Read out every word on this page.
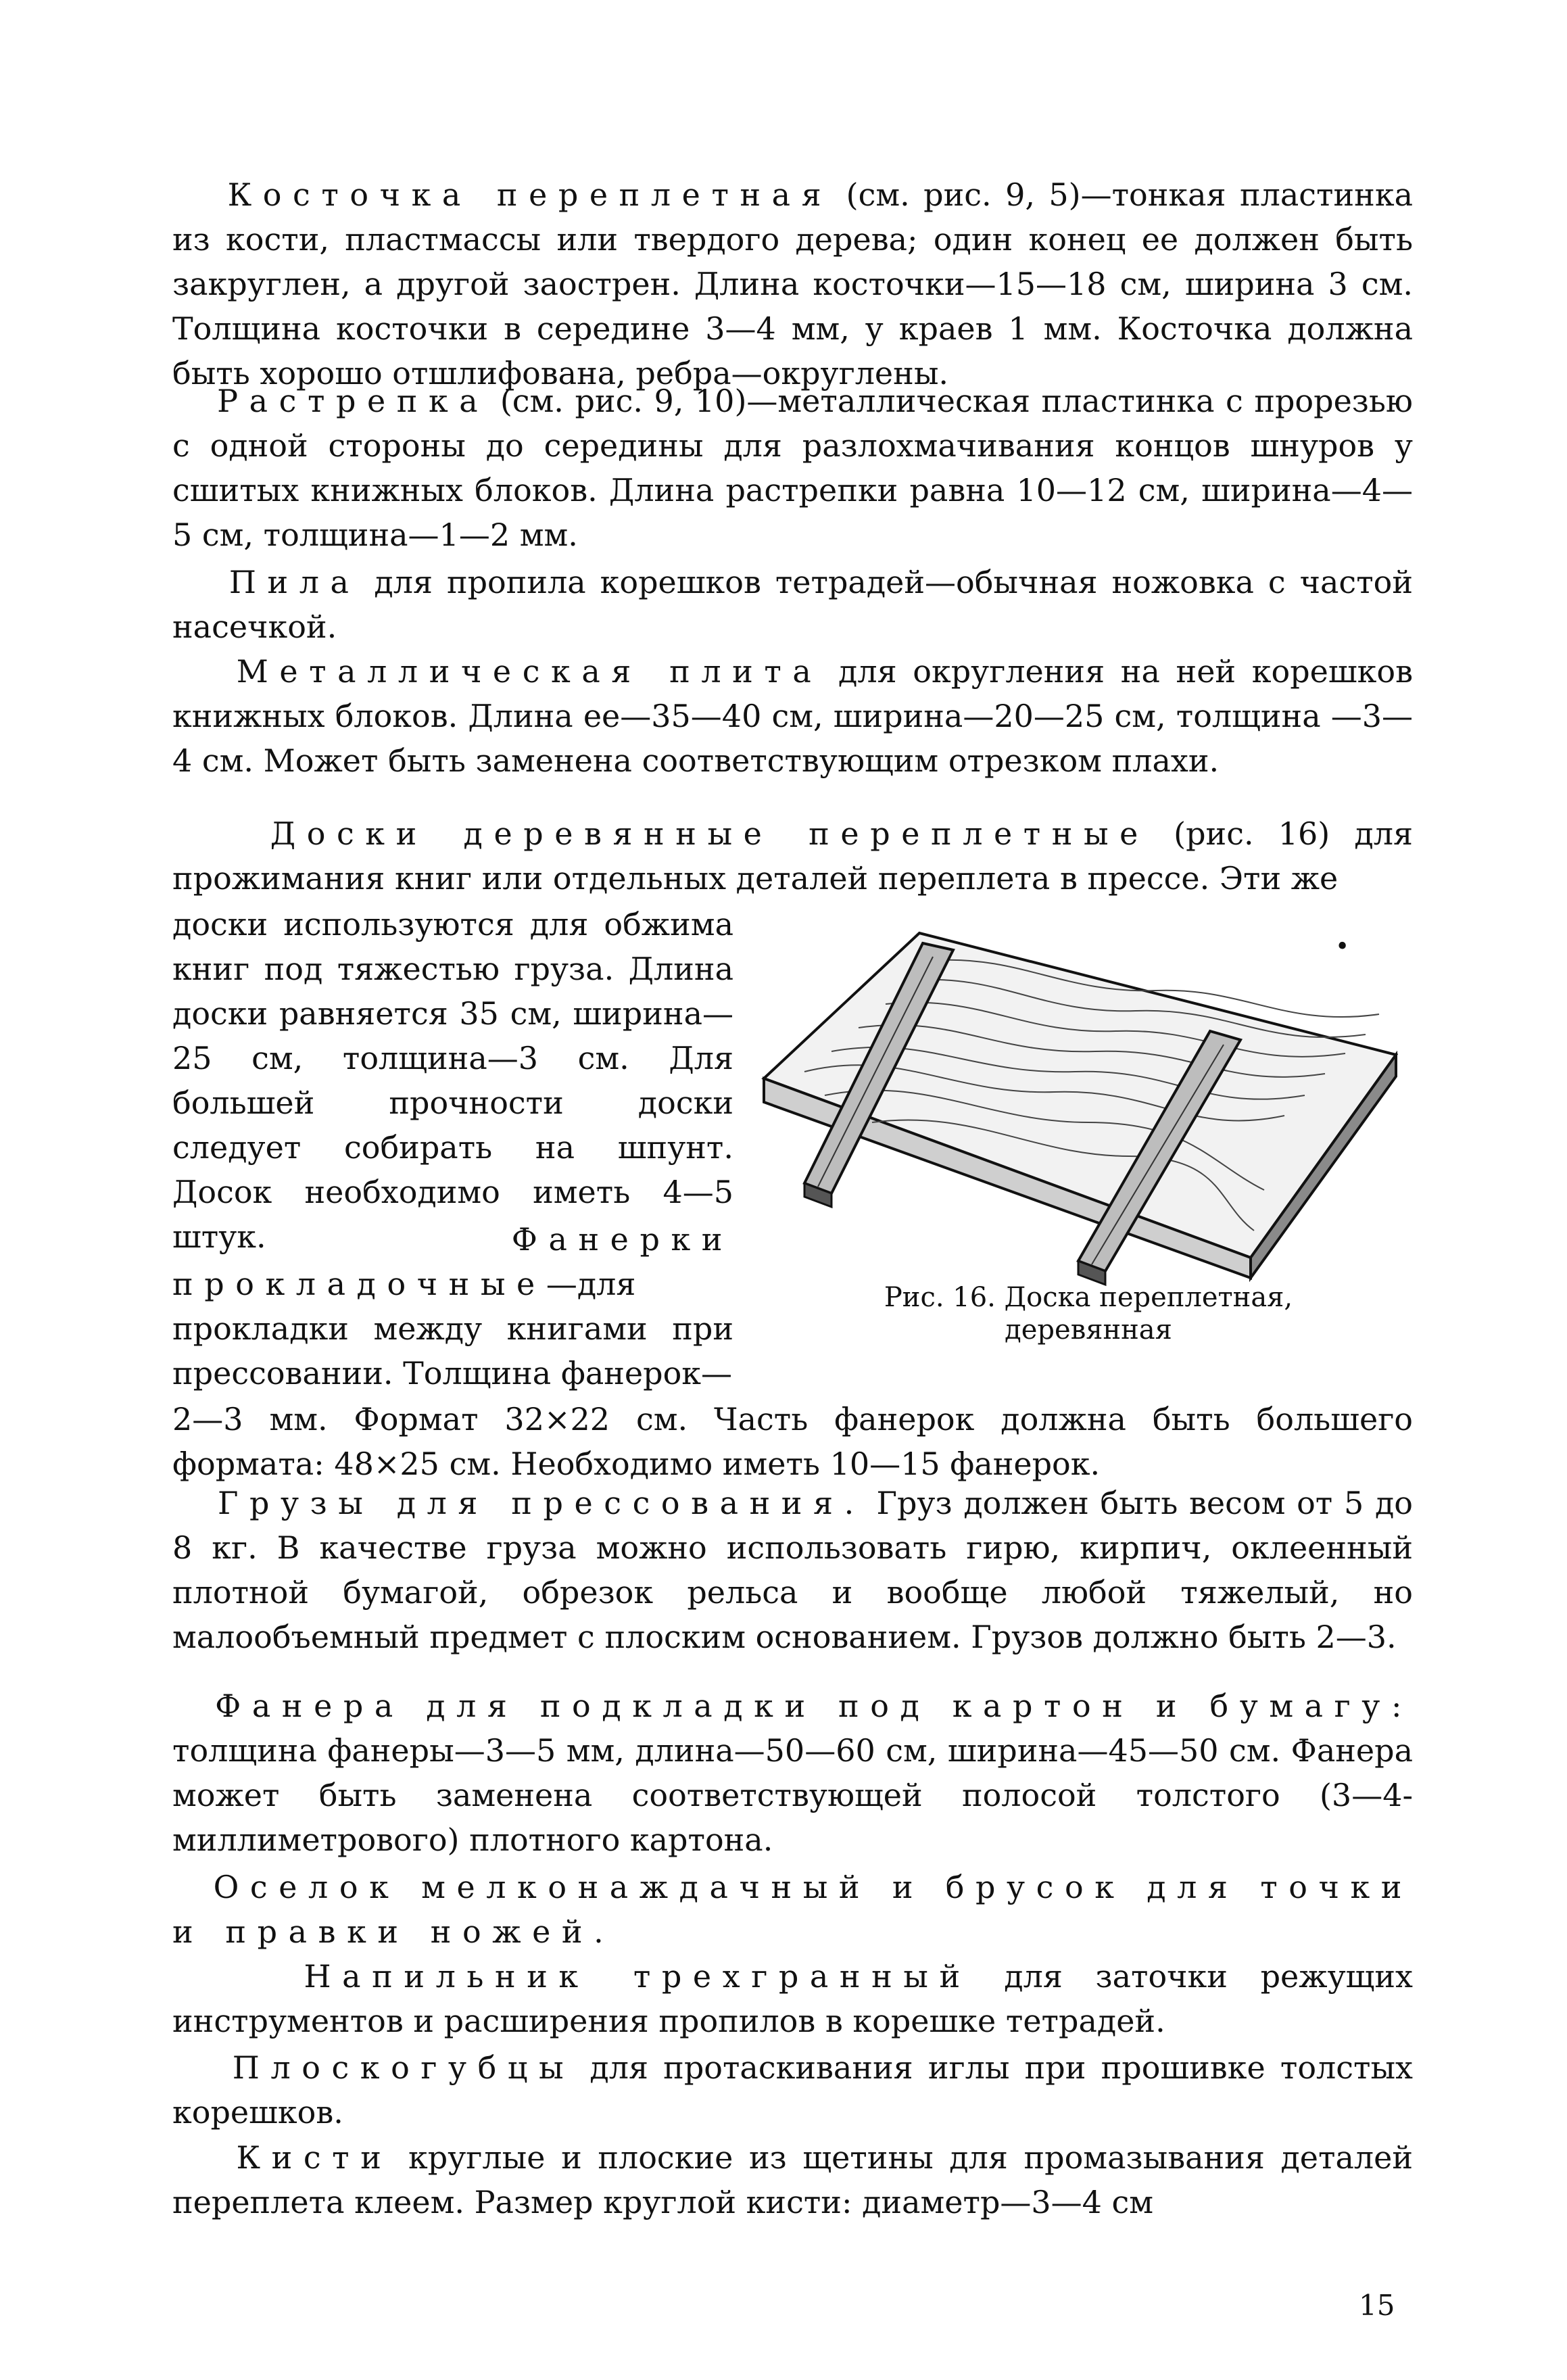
Косточка переплетная (см. рис. 9, 5)—тонкая пластинка из кости, пластмассы или твердого дерева; один конец ее должен быть закруглен, а другой заострен. Длина косточки—15—18 см, ширина 3 см. Толщина косточки в середине 3—4 мм, у краев 1 мм. Косточка должна быть хорошо отшлифована, ребра—округлены.

Растрепка (см. рис. 9, 10)—металлическая пластинка с прорезью с одной стороны до середины для разлохмачивания концов шнуров у сшитых книжных блоков. Длина растрепки равна 10—12 см, ширина—4—5 см, толщина—1—2 мм.

Пила для пропила корешков тетрадей—обычная ножовка с частой насечкой.

Металлическая плита для округления на ней корешков книжных блоков. Длина ее—35—40 см, ширина—20—25 см, толщина —3—4 см. Может быть заменена соответствующим отрезком плахи.

Доски деревянные переплетные (рис. 16) для прожимания книг или отдельных деталей переплета в прессе. Эти же

доски используются для обжима книг под тяжестью груза. Длина доски равняется 35 см, ширина—25 см, толщина—3 см. Для большей прочности доски следует собирать на шпунт. Досок необходимо иметь 4—5 штук.	Фанерки прокладочные—для прокладки между книгами при прессовании. Толщина фанерок—

2—3 мм. Формат 32×22 см. Часть фанерок должна быть большего формата: 48×25 см. Необходимо иметь 10—15 фанерок.

Грузы для прессования. Груз должен быть весом от 5 до 8 кг. В качестве груза можно использовать гирю, кирпич, оклеенный плотной бумагой, обрезок рельса и вообще любой тяжелый, но малообъемный предмет с плоским основанием. Грузов должно быть 2—3.

Фанера для подкладки под картон и бумагу: толщина фанеры—3—5 мм, длина—50—60 см, ширина—45—50 см. Фанера может быть заменена соответствующей полосой толстого (3—4-миллиметрового) плотного картона.

Оселок мелконаждачный и брусок для точки и правки ножей.

Напильник трехгранный для заточки режущих инструментов и расширения пропилов в корешке тетрадей.

Плоскогубцы для протаскивания иглы при прошивке толстых корешков.

Кисти круглые и плоские из щетины для промазывания деталей переплета клеем. Размер круглой кисти: диаметр—3—4 см

•
Рис. 16. Доска переплетная,
деревянная
15
